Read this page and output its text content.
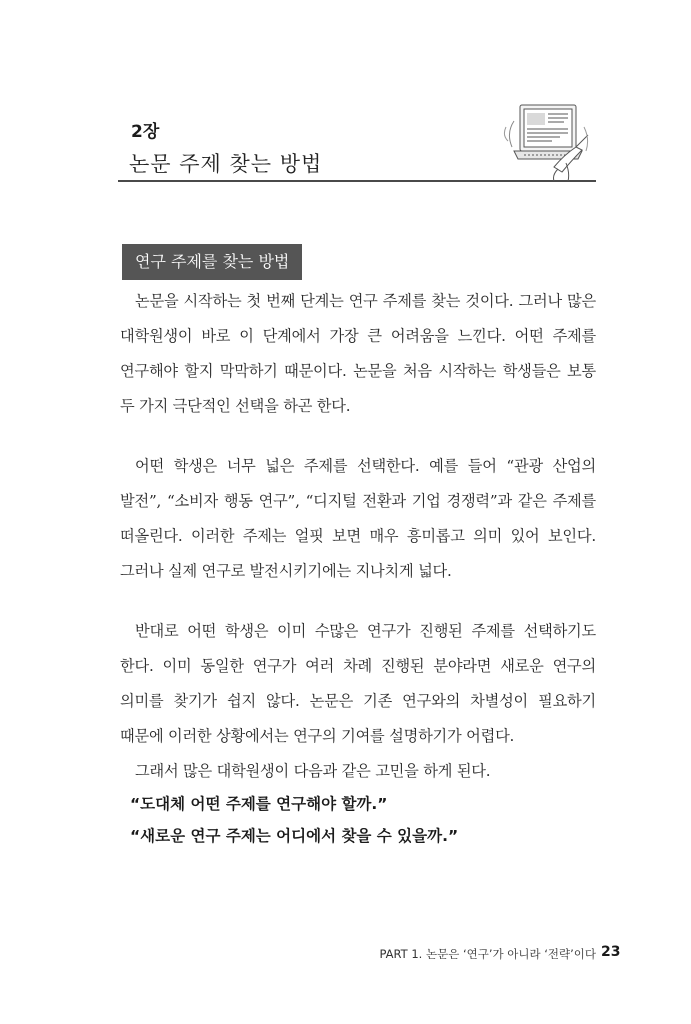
2장
논문 주제 찾는 방법
연구 주제를 찾는 방법

논문을 시작하는 첫 번째 단계는 연구 주제를 찾는 것이다. 그러나 많은 대학원생이 바로 이 단계에서 가장 큰 어려움을 느낀다. 어떤 주제를 연구해야 할지 막막하기 때문이다. 논문을 처음 시작하는 학생들은 보통 두 가지 극단적인 선택을 하곤 한다.

어떤 학생은 너무 넓은 주제를 선택한다. 예를 들어 “관광 산업의 발전”, “소비자 행동 연구”, “디지털 전환과 기업 경쟁력”과 같은 주제를 떠올린다. 이러한 주제는 얼핏 보면 매우 흥미롭고 의미 있어 보인다. 그러나 실제 연구로 발전시키기에는 지나치게 넓다.

반대로 어떤 학생은 이미 수많은 연구가 진행된 주제를 선택하기도 한다. 이미 동일한 연구가 여러 차례 진행된 분야라면 새로운 연구의 의미를 찾기가 쉽지 않다. 논문은 기존 연구와의 차별성이 필요하기 때문에 이러한 상황에서는 연구의 기여를 설명하기가 어렵다.

그래서 많은 대학원생이 다음과 같은 고민을 하게 된다.

“도대체 어떤 주제를 연구해야 할까.”
“새로운 연구 주제는 어디에서 찾을 수 있을까.”
PART 1. 논문은 ‘연구’가 아니라 ‘전략’이다 23
